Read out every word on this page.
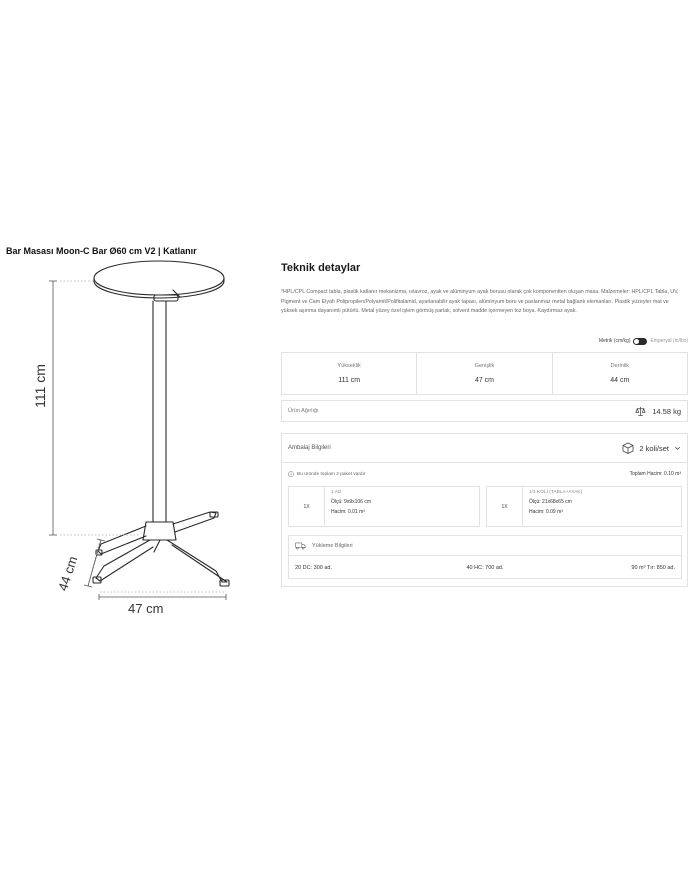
Bar Masası Moon-C Bar Ø60 cm V2 | Katlanır
111 cm
44 cm
47 cm
Teknik detaylar
*HPL/CPL Compact tabla, plastik katlanır mekanizma, ıstavroz, ayak ve alüminyum ayak borusu olarak çok komponentten oluşan masa. Malzemeler: HPL/CPL Tabla, UV, Pigment ve Cam Elyafı Polipropilen/Polyamit/Polifitalamid, ayarlanabilir ayak tapası, alüminyum boru ve paslanmaz metal bağlantı elemanları. Plastik yüzeyler mat ve yüksek aşınma dayanımlı pütürlü. Metal yüzey özel işlem görmüş parlak, solvent madde içermeyen toz boya. Kaydırmaz ayak.
Metrik (cm/kg)	Emperyal (in/lbs)
Yükseklik
111 cm
Genişlik
47 cm
Derinlik
44 cm
Ürün Ağırlığı	14.58 kg
Ambalaj Bilgileri	2 koli/set
Bu üründe toplam 2 paket vardır	Toplam Hacim: 0.10 m³
1X
1 AD
Ölçü: 9x9x106 cm
Hacim: 0.01 m³
1X
1/1 KOLİ (TABLA+AYAK)
Ölçü: 21x68x65 cm
Hacim: 0.09 m³
Yükleme Bilgileri
20 DC: 300 ad.	40 HC: 700 ad.	90 m³ Tır: 850 ad.
